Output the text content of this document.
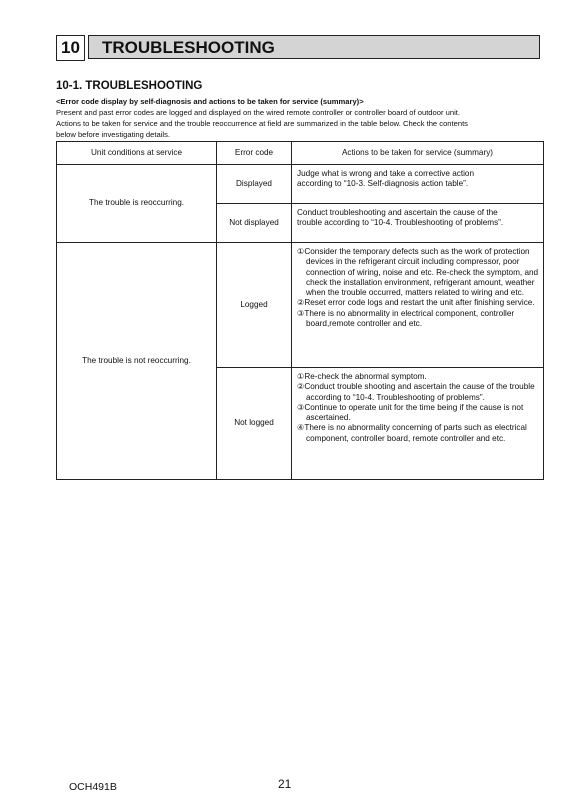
10	TROUBLESHOOTING
10-1. TROUBLESHOOTING
<Error code display by self-diagnosis and actions to be taken for service (summary)>
Present and past error codes are logged and displayed on the wired remote controller or controller board of outdoor unit.
Actions to be taken for service and the trouble reoccurrence at field are summarized in the table below. Check the contents
below before investigating details.
Unit conditions at service	Error code	Actions to be taken for service (summary)
The trouble is reoccurring.	Displayed	Judge what is wrong and take a corrective action
according to “10-3. Self-diagnosis action table”.

	Not displayed	Conduct troubleshooting and ascertain the cause of the
trouble according to “10-4. Troubleshooting of problems”.

The trouble is not reoccurring.	Logged	①Consider the temporary defects such as the work of protection devices in the refrigerant circuit including compressor, poor connection of wiring, noise and etc. Re-check the symptom, and check the installation environment, refrigerant amount, weather when the trouble occurred, matters related to wiring and etc.
②Reset error code logs and restart the unit after finishing service.
③There is no abnormality in electrical component, controller board,remote controller and etc.

	Not logged	①Re-check the abnormal symptom.
②Conduct trouble shooting and ascertain the cause of the trouble according to “10-4. Troubleshooting of problems”.
③Continue to operate unit for the time being if the cause is not ascertained.
④There is no abnormality concerning of parts such as electrical component, controller board, remote controller and etc.
OCH491B	21
